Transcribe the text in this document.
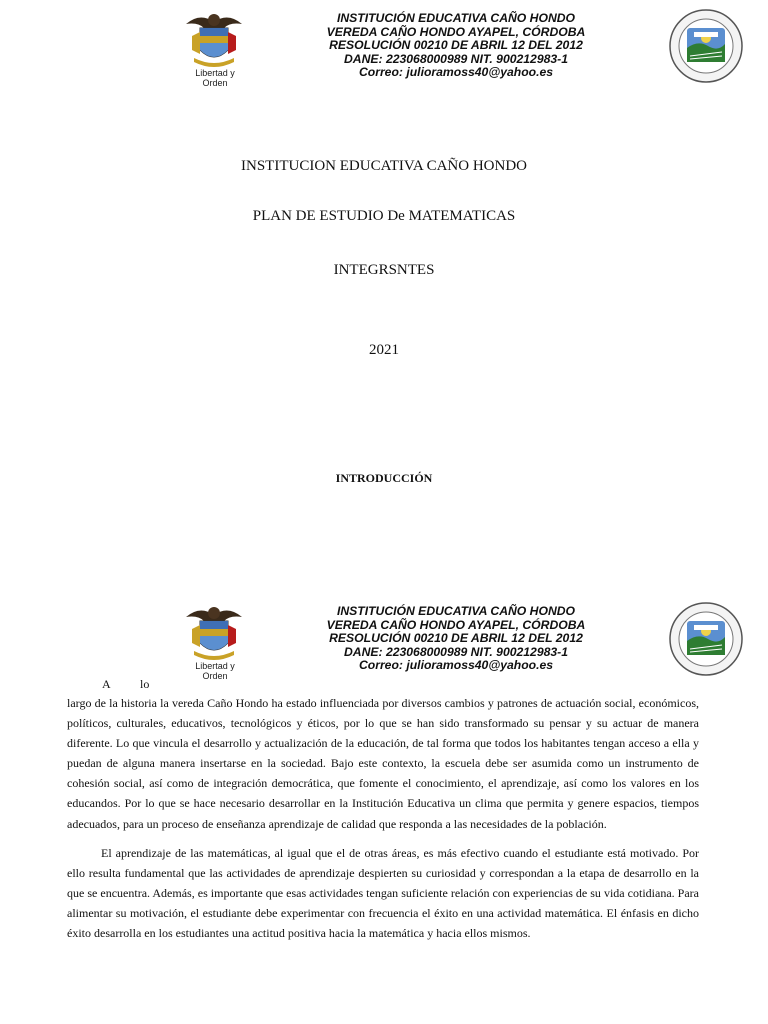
Libertad y Orden
INSTITUCIÓN EDUCATIVA CAÑO HONDO
VEREDA CAÑO HONDO AYAPEL, CÓRDOBA
RESOLUCIÓN 00210 DE ABRIL 12 DEL 2012
DANE: 223068000989 NIT. 900212983-1
Correo: julioramoss40@yahoo.es
INSTITUCION EDUCATIVA CAÑO HONDO
PLAN DE ESTUDIO De MATEMATICAS
INTEGRSNTES
2021
INTRODUCCIÓN
Libertad y Orden
INSTITUCIÓN EDUCATIVA CAÑO HONDO
VEREDA CAÑO HONDO AYAPEL, CÓRDOBA
RESOLUCIÓN 00210 DE ABRIL 12 DEL 2012
DANE: 223068000989 NIT. 900212983-1
Correo: julioramoss40@yahoo.es
A lo

largo de la historia la vereda Caño Hondo ha estado influenciada por diversos cambios y patrones de actuación social, económicos, políticos, culturales, educativos, tecnológicos y éticos, por lo que se han sido transformado su pensar y su actuar de manera diferente. Lo que vincula el desarrollo y actualización de la educación, de tal forma que todos los habitantes tengan acceso a ella y puedan de alguna manera insertarse en la sociedad. Bajo este contexto, la escuela debe ser asumida como un instrumento de cohesión social, así como de integración democrática, que fomente el conocimiento, el aprendizaje, así como los valores en los educandos. Por lo que se hace necesario desarrollar en la Institución Educativa un clima que permita y genere espacios, tiempos adecuados, para un proceso de enseñanza aprendizaje de calidad que responda a las necesidades de la población.

El aprendizaje de las matemáticas, al igual que el de otras áreas, es más efectivo cuando el estudiante está motivado. Por ello resulta fundamental que las actividades de aprendizaje despierten su curiosidad y correspondan a la etapa de desarrollo en la que se encuentra. Además, es importante que esas actividades tengan suficiente relación con experiencias de su vida cotidiana. Para alimentar su motivación, el estudiante debe experimentar con frecuencia el éxito en una actividad matemática. El énfasis en dicho éxito desarrolla en los estudiantes una actitud positiva hacia la matemática y hacia ellos mismos.
